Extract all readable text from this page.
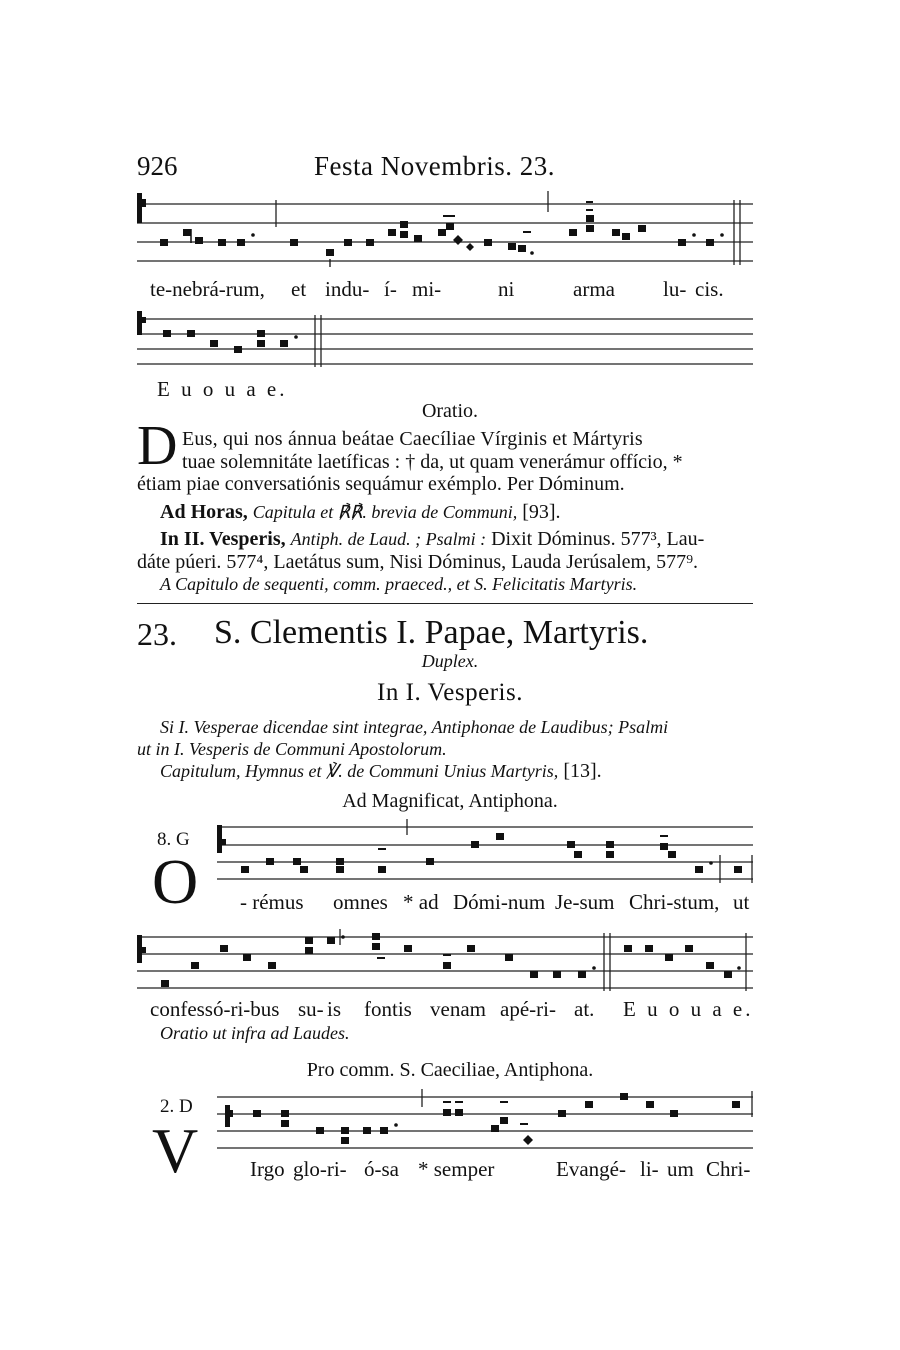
926	Festa Novembris. 23.
te-nebrá-rum, et indu- í- mi-	ni	arma lu- cis.
E u o u a e.
Oratio.
D Eus, qui nos ánnua beátae Caecíliae Vírginis et Mártyris
tuae solemnitáte laetíficas : † da, ut quam venerámur offício, *
étiam piae conversatiónis sequámur exémplo. Per Dóminum.
Ad Horas, Capitula et ℟℟. brevia de Communi, [93].
In II. Vesperis, Antiph. de Laud. ; Psalmi : Dixit Dóminus. 577³, Lau-
dáte púeri. 577⁴, Laetátus sum, Nisi Dóminus, Lauda Jerúsalem, 577⁹.
A Capitulo de sequenti, comm. praeced., et S. Felicitatis Martyris.
23. S. Clementis I. Papae, Martyris.
Duplex.
In I. Vesperis.
Si I. Vesperae dicendae sint integrae, Antiphonae de Laudibus; Psalmi
ut in I. Vesperis de Communi Apostolorum.
Capitulum, Hymnus et ℣. de Communi Unius Martyris, [13].
Ad Magnificat, Antiphona.
8. G
O - rémus omnes * ad Dómi-num Je-sum Chri-stum, ut
confessó-ri-bus su- is fontis venam apé-ri- at. E u o u a e.
Oratio ut infra ad Laudes.
Pro comm. S. Caeciliae, Antiphona.
2. D
V Irgo glo-ri- ó-sa * semper	Evangé- li- um Chri-
